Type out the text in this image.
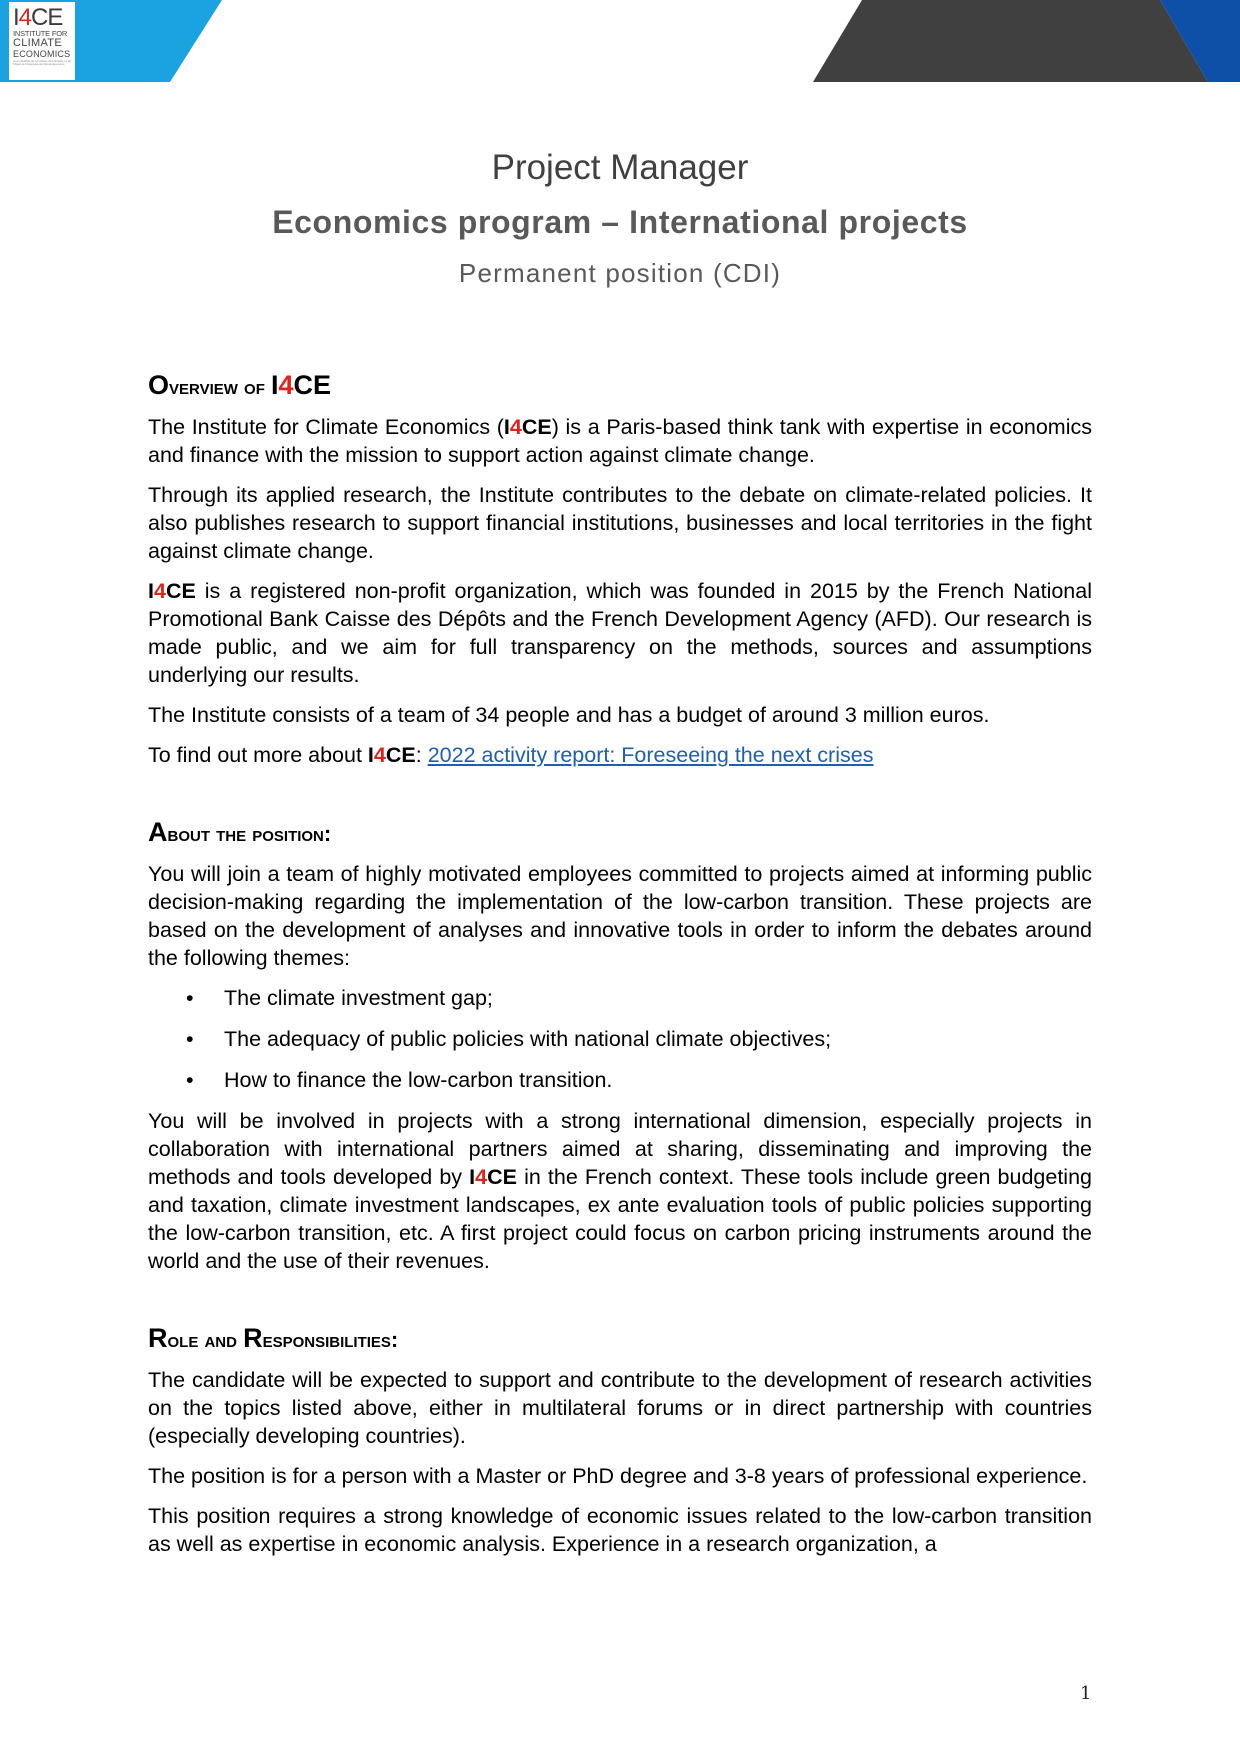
I4CE
INSTITUTE FOR
CLIMATE
ECONOMICS
Une initiative de la Caisse des Dépôts et de l'Agence Française de Développement
Project Manager
Economics program – International projects
Permanent position (CDI)
Overview of I4CE

The Institute for Climate Economics (I4CE) is a Paris-based think tank with expertise in economics and finance with the mission to support action against climate change.

Through its applied research, the Institute contributes to the debate on climate-related policies. It also publishes research to support financial institutions, businesses and local territories in the fight against climate change.

I4CE is a registered non-profit organization, which was founded in 2015 by the French National Promotional Bank Caisse des Dépôts and the French Development Agency (AFD). Our research is made public, and we aim for full transparency on the methods, sources and assumptions underlying our results.

The Institute consists of a team of 34 people and has a budget of around 3 million euros.

To find out more about I4CE: 2022 activity report: Foreseeing the next crises

About the position:

You will join a team of highly motivated employees committed to projects aimed at informing public decision-making regarding the implementation of the low-carbon transition. These projects are based on the development of analyses and innovative tools in order to inform the debates around the following themes:

• The climate investment gap;
• The adequacy of public policies with national climate objectives;
• How to finance the low-carbon transition.

You will be involved in projects with a strong international dimension, especially projects in collaboration with international partners aimed at sharing, disseminating and improving the methods and tools developed by I4CE in the French context. These tools include green budgeting and taxation, climate investment landscapes, ex ante evaluation tools of public policies supporting the low-carbon transition, etc. A first project could focus on carbon pricing instruments around the world and the use of their revenues.

Role and Responsibilities:

The candidate will be expected to support and contribute to the development of research activities on the topics listed above, either in multilateral forums or in direct partnership with countries (especially developing countries).

The position is for a person with a Master or PhD degree and 3-8 years of professional experience.

This position requires a strong knowledge of economic issues related to the low-carbon transition as well as expertise in economic analysis. Experience in a research organization, a

1
